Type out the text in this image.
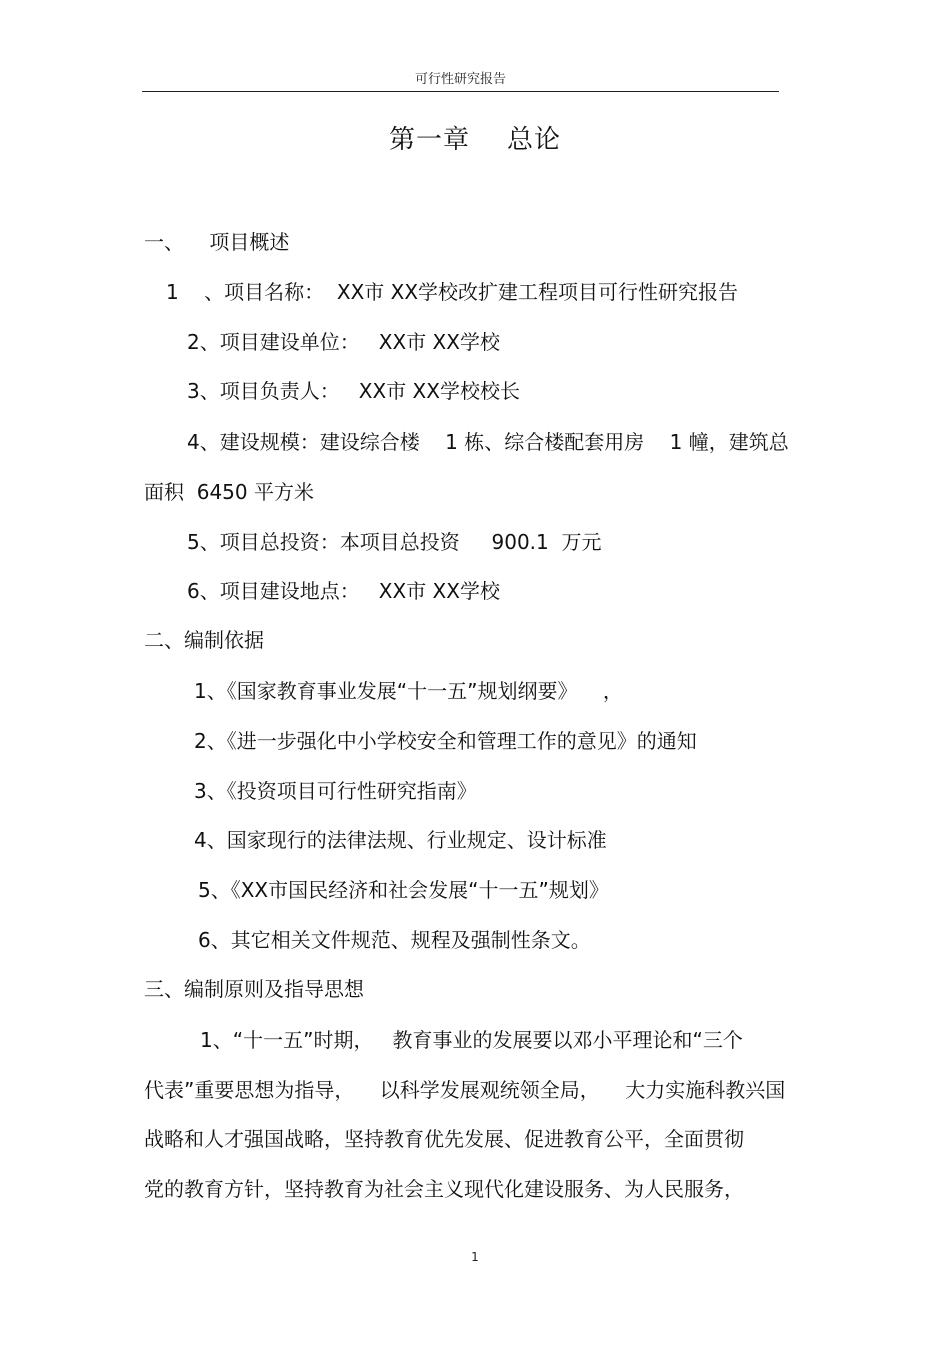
可行性研究报告
第一章    总论
一、    项目概述
1    、项目名称：  XX市 XX学校改扩建工程项目可行性研究报告
2、项目建设单位：   XX市 XX学校
3、项目负责人：   XX市 XX学校校长
4、建设规模：建设综合楼    1 栋、综合楼配套用房    1 幢，建筑总
面积  6450 平方米
5、项目总投资：本项目总投资     900.1  万元
6、项目建设地点：   XX市 XX学校
二、编制依据
1、《国家教育事业发展“十一五”规划纲要》    ，
2、《进一步强化中小学校安全和管理工作的意见》的通知
3、《投资项目可行性研究指南》
4、国家现行的法律法规、行业规定、设计标准
5、《XX市国民经济和社会发展“十一五”规划》
6、其它相关文件规范、规程及强制性条文。
三、编制原则及指导思想
1、“十一五”时期，   教育事业的发展要以邓小平理论和“三个
代表”重要思想为指导，    以科学发展观统领全局，    大力实施科教兴国
战略和人才强国战略，坚持教育优先发展、促进教育公平，全面贯彻
党的教育方针，坚持教育为社会主义现代化建设服务、为人民服务，
1
